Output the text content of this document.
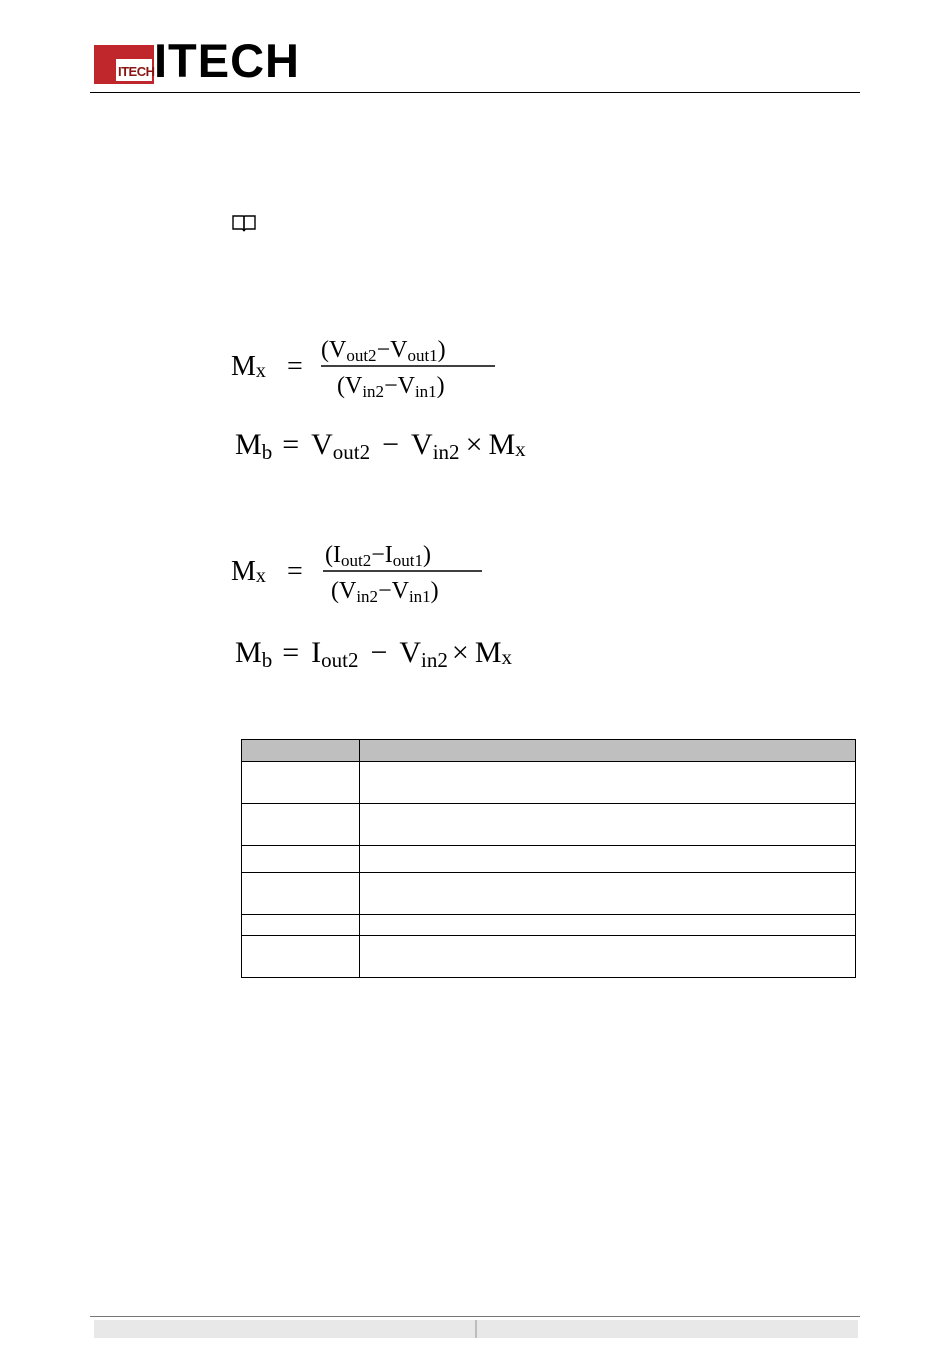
ITECH ITECH
Mx =
(Vout2−Vout1)
(Vin2−Vin1)
Mb = Vout2 − Vin2 × Mx
Mx =
(Iout2−Iout1)
(Vin2−Vin1)
Mb = Iout2 − Vin2 × Mx
